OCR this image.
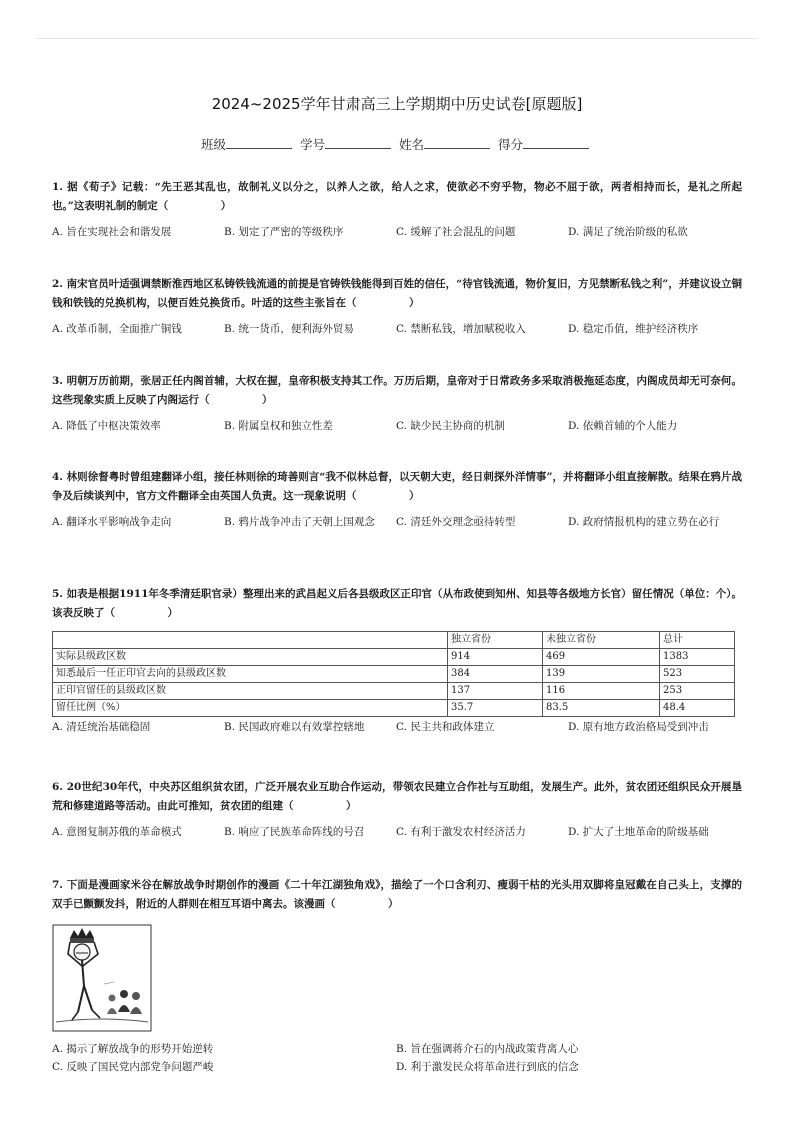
2024~2025学年甘肃高三上学期期中历史试卷[原题版]
班级	学号	姓名	得分
1. 据《荀子》记载：“先王恶其乱也，故制礼义以分之，以养人之欲，给人之求，使欲必不穷乎物，物必不屈于欲，两者相持而长，是礼之所起也。”这表明礼制的制定（　　　　　）
A. 旨在实现社会和谐发展	B. 划定了严密的等级秩序	C. 缓解了社会混乱的问题	D. 满足了统治阶级的私欲
2. 南宋官员叶适强调禁断淮西地区私铸铁钱流通的前提是官铸铁钱能得到百姓的信任，“待官钱流通，物价复旧，方见禁断私钱之利”，并建议设立铜钱和铁钱的兑换机构，以便百姓兑换货币。叶适的这些主张旨在（　　　　　）
A. 改革币制，全面推广铜钱	B. 统一货币，便利海外贸易	C. 禁断私钱，增加赋税收入	D. 稳定币值，维护经济秩序
3. 明朝万历前期，张居正任内阁首辅，大权在握，皇帝积极支持其工作。万历后期，皇帝对于日常政务多采取消极拖延态度，内阁成员却无可奈何。这些现象实质上反映了内阁运行（　　　　　）
A. 降低了中枢决策效率	B. 附属皇权和独立性差	C. 缺少民主协商的机制	D. 依赖首辅的个人能力
4. 林则徐督粤时曾组建翻译小组，接任林则徐的琦善则言“我不似林总督，以天朝大吏，经日刺探外洋情事”，并将翻译小组直接解散。结果在鸦片战争及后续谈判中，官方文件翻译全由英国人负责。这一现象说明（　　　　　）
A. 翻译水平影响战争走向	B. 鸦片战争冲击了天朝上国观念	C. 清廷外交理念亟待转型	D. 政府情报机构的建立势在必行
5. 如表是根据1911年冬季清廷职官录）整理出来的武昌起义后各县级政区正印官（从布政使到知州、知县等各级地方长官）留任情况（单位：个）。该表反映了（　　　　　）
	独立省份	未独立省份	总计
实际县级政区数	914	469	1383
知悉最后一任正印官去向的县级政区数	384	139	523
正印官留任的县级政区数	137	116	253
留任比例（%）	35.7	83.5	48.4
A. 清廷统治基础稳固	B. 民国政府难以有效掌控辖地	C. 民主共和政体建立	D. 原有地方政治格局受到冲击
6. 20世纪30年代，中央苏区组织贫农团，广泛开展农业互助合作运动，带领农民建立合作社与互助组，发展生产。此外，贫农团还组织民众开展垦荒和修建道路等活动。由此可推知，贫农团的组建（　　　　　）
A. 意图复制苏俄的革命模式	B. 响应了民族革命阵线的号召	C. 有利于激发农村经济活力	D. 扩大了土地革命的阶级基础
7. 下面是漫画家米谷在解放战争时期创作的漫画《二十年江湖独角戏》，描绘了一个口含利刃、瘦弱干枯的光头用双脚将皇冠戴在自己头上，支撑的双手已颤颤发抖，附近的人群则在相互耳语中离去。该漫画（　　　　　）
A. 揭示了解放战争的形势开始逆转	B. 旨在强调蒋介石的内战政策背离人心
C. 反映了国民党内部党争问题严峻	D. 利于激发民众将革命进行到底的信念
